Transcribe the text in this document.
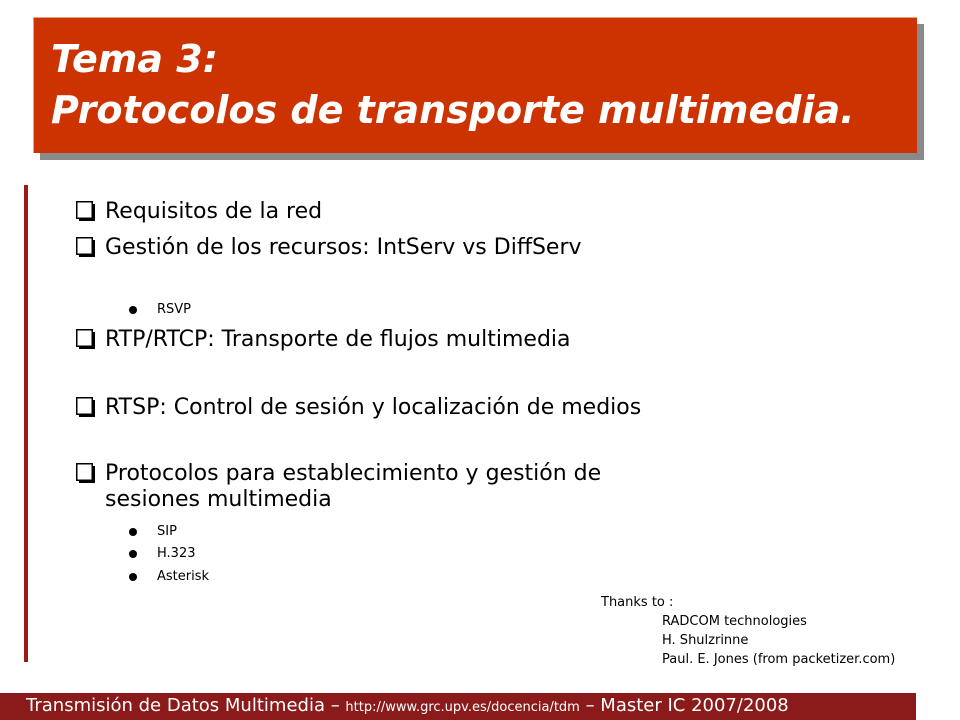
Tema 3:
Protocolos de transporte multimedia.
Requisitos de la red
Gestión de los recursos: IntServ vs DiffServ
RSVP
RTP/RTCP: Transporte de flujos multimedia
RTSP: Control de sesión y localización de medios
Protocolos para establecimiento y gestión de sesiones multimedia
SIP
H.323
Asterisk
Thanks to :
RADCOM technologies
H. Shulzrinne
Paul. E. Jones (from packetizer.com)
Transmisión de Datos Multimedia – http://www.grc.upv.es/docencia/tdm – Master IC 2007/2008
